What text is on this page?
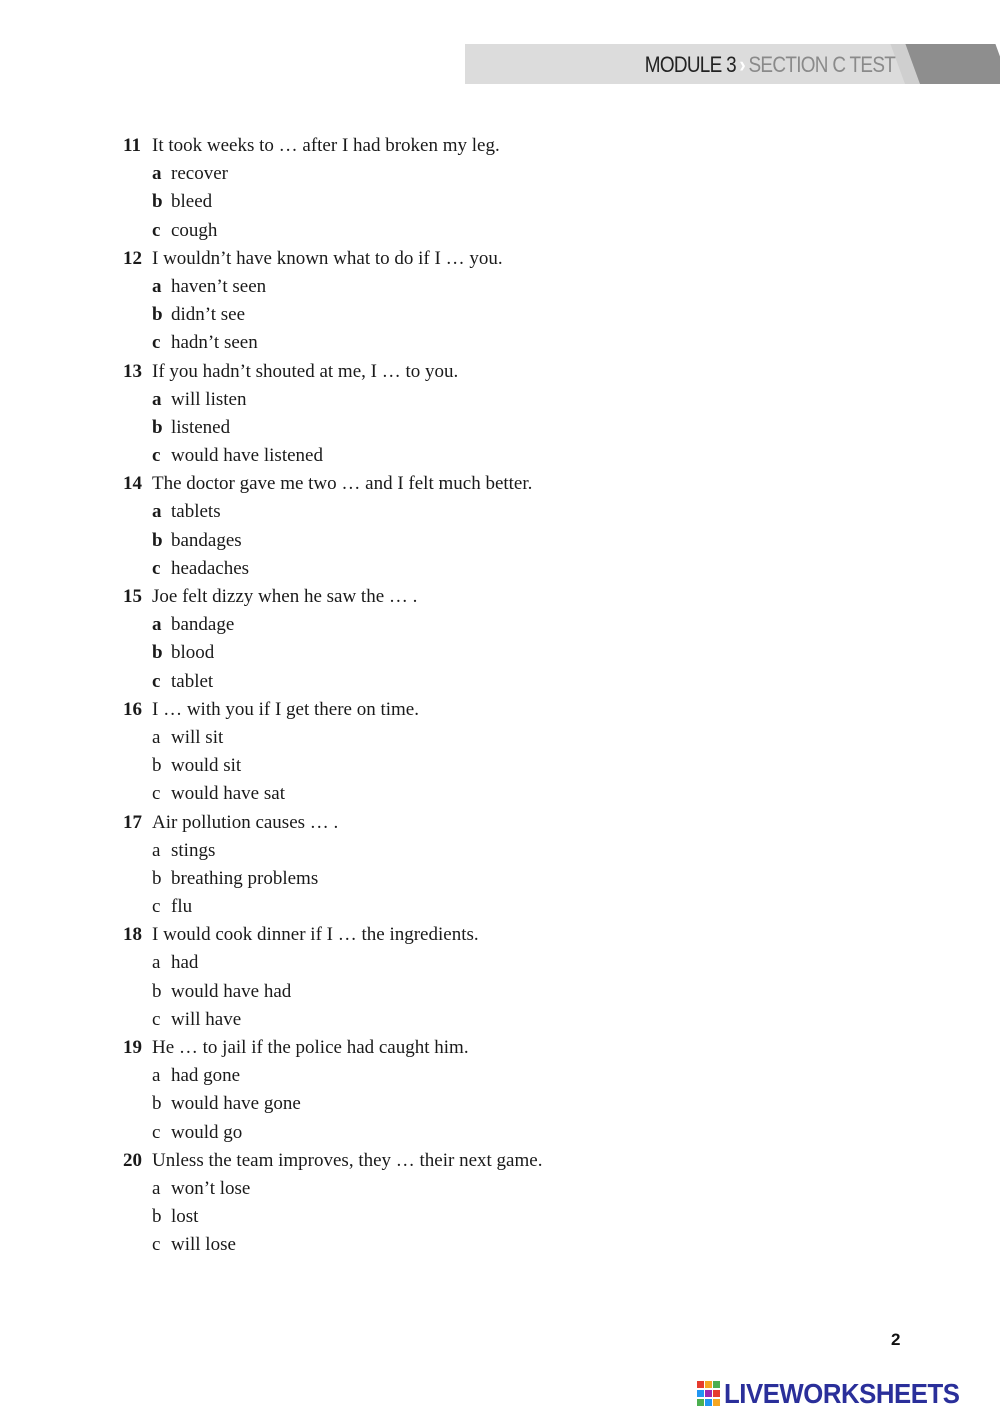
MODULE 3 › SECTION C TEST
11 It took weeks to … after I had broken my leg.
a recover
b bleed
c cough
12 I wouldn’t have known what to do if I … you.
a haven’t seen
b didn’t see
c hadn’t seen
13 If you hadn’t shouted at me, I … to you.
a will listen
b listened
c would have listened
14 The doctor gave me two … and I felt much better.
a tablets
b bandages
c headaches
15 Joe felt dizzy when he saw the … .
a bandage
b blood
c tablet
16 I … with you if I get there on time.
a will sit
b would sit
c would have sat
17 Air pollution causes … .
a stings
b breathing problems
c flu
18 I would cook dinner if I … the ingredients.
a had
b would have had
c will have
19 He … to jail if the police had caught him.
a had gone
b would have gone
c would go
20 Unless the team improves, they … their next game.
a won’t lose
b lost
c will lose
2
LIVEWORKSHEETS
